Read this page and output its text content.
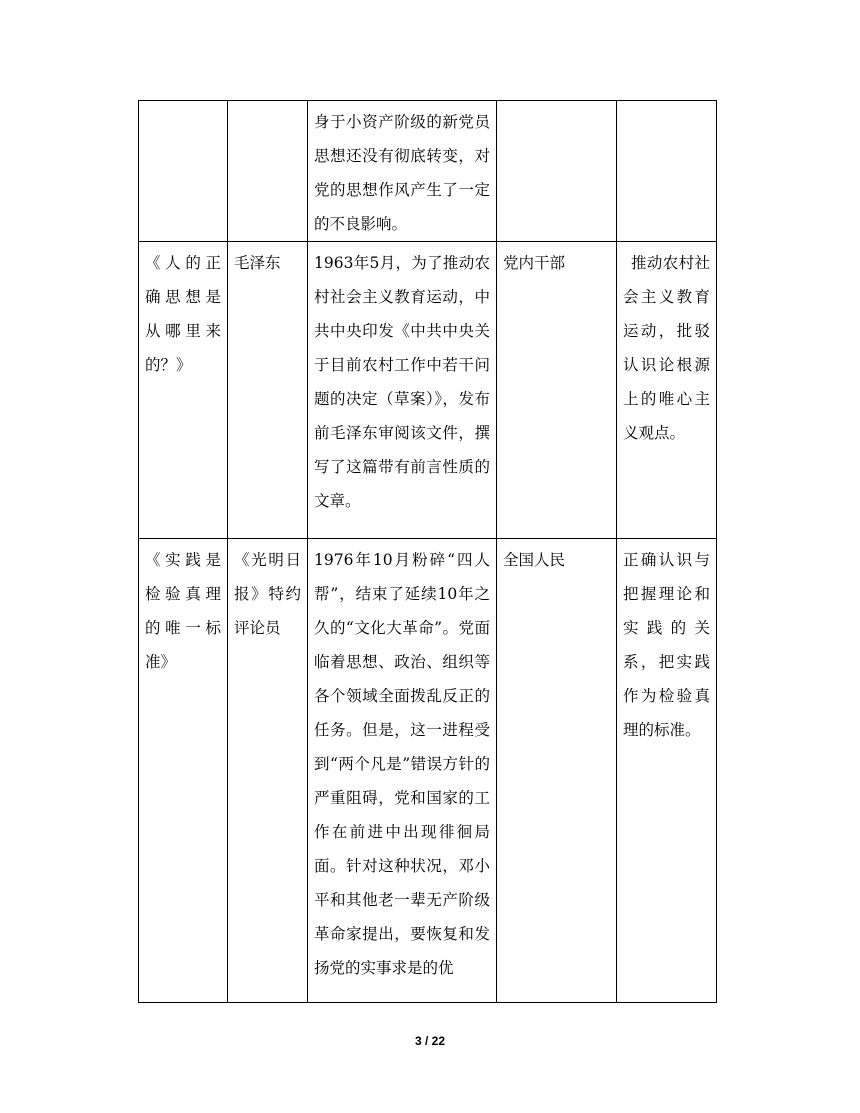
		身于小资产阶级的新党员思想还没有彻底转变，对党的思想作风产生了一定的不良影响。		
《人的正确思想是从哪里来的？》	毛泽东	1963年5月，为了推动农村社会主义教育运动，中共中央印发《中共中央关于目前农村工作中若干问题的决定（草案）》，发布前毛泽东审阅该文件，撰写了这篇带有前言性质的文章。	党内干部	推动农村社会主义教育运动，批驳认识论根源上的唯心主义观点。
《实践是检验真理的唯一标准》	《光明日报》特约评论员	1976年10月粉碎“四人帮”，结束了延续10年之久的“文化大革命”。党面临着思想、政治、组织等各个领域全面拨乱反正的任务。但是，这一进程受到“两个凡是”错误方针的严重阻碍，党和国家的工作在前进中出现徘徊局面。针对这种状况，邓小平和其他老一辈无产阶级革命家提出，要恢复和发扬党的实事求是的优	全国人民	正确认识与把握理论和实践的关系，把实践作为检验真理的标准。
3 / 22
